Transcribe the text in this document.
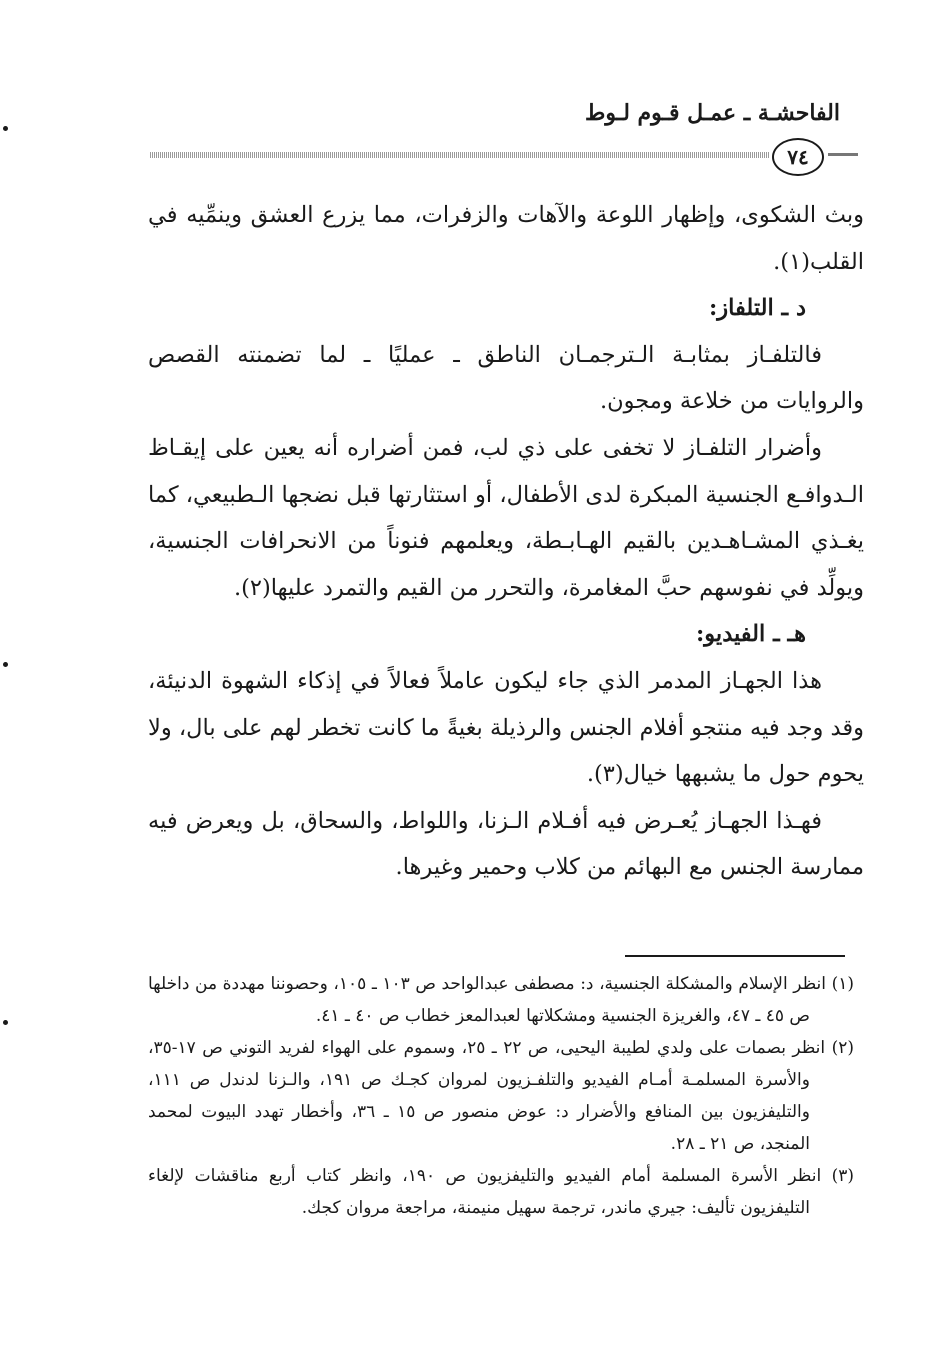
الفاحشـة ـ عمـل قـوم لـوط
٧٤

وبث الشكوى، وإظهار اللوعة والآهات والزفرات، مما يزرع العشق وينمِّيه في القلب(١).

د ـ التلفاز:

فالتلفـاز بمثابـة الـترجمـان الناطق ـ عمليًا ـ لما تضمنته القصص والروايات من خلاعة ومجون.

وأضرار التلفـاز لا تخفى على ذي لب، فمن أضراره أنه يعين على إيقـاظ الـدوافـع الجنسية المبكرة لدى الأطفال، أو استثارتها قبل نضجها الـطبيعي، كما يغـذي المشـاهـدين بالقيم الهـابـطة، ويعلمهم فنوناً من الانحرافات الجنسية، ويولِّد في نفوسهم حبَّ المغامرة، والتحرر من القيم والتمرد عليها(٢).

هـ ـ الفيديو:

هذا الجهـاز المدمر الذي جاء ليكون عاملاً فعالاً في إذكاء الشهوة الدنيئة، وقد وجد فيه منتجو أفلام الجنس والرذيلة بغيةً ما كانت تخطر لهم على بال، ولا يحوم حول ما يشبهها خيال(٣).

فهـذا الجهـاز يُعـرض فيه أفـلام الـزنا، واللواط، والسحاق، بل ويعرض فيه ممارسة الجنس مع البهائم من كلاب وحمير وغيرها.

(١) انظر الإسلام والمشكلة الجنسية، د: مصطفى عبدالواحد ص ١٠٣ ـ ١٠٥، وحصوننا مهددة من داخلها ص ٤٥ ـ ٤٧، والغريزة الجنسية ومشكلاتها لعبدالمعز خطاب ص ٤٠ ـ ٤١.
(٢) انظر بصمات على ولدي لطيبة اليحيى، ص ٢٢ ـ ٢٥، وسموم على الهواء لفريد التوني ص ١٧-٣٥، والأسرة المسلمـة أمـام الفيديو والتلفـزيون لمروان كجـك ص ١٩١، والـزنا لدندل ص ١١١، والتليفزيون بين المنافع والأضرار د: عوض منصور ص ١٥ ـ ٣٦، وأخطار تهدد البيوت لمحمد المنجد، ص ٢١ ـ ٢٨.
(٣) انظر الأسرة المسلمة أمام الفيديو والتليفزيون ص ١٩٠، وانظر كتاب أربع مناقشات لإلغاء التليفزيون تأليف: جيري ماندر، ترجمة سهيل منيمنة، مراجعة مروان كجك.
